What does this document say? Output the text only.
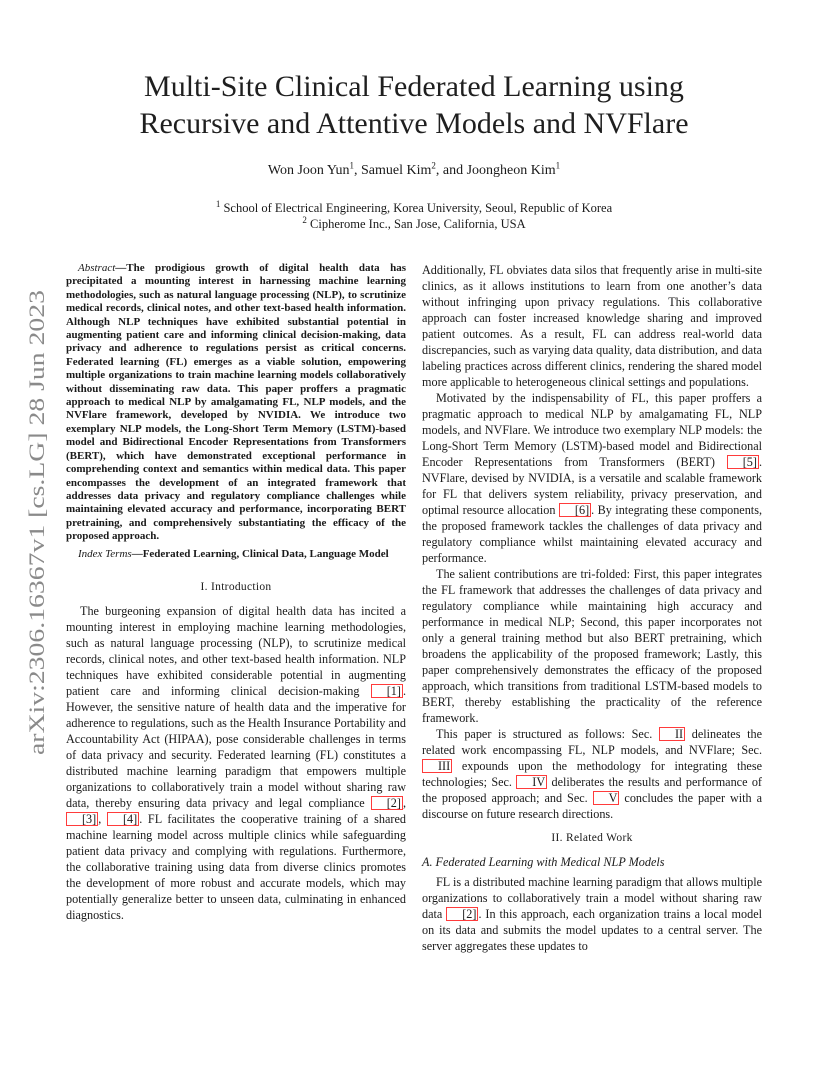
arXiv:2306.16367v1 [cs.LG] 28 Jun 2023
Multi-Site Clinical Federated Learning using
Recursive and Attentive Models and NVFlare
Won Joon Yun$^1$, Samuel Kim$^2$, and Joongheon Kim$^1$
$^1$ School of Electrical Engineering, Korea University, Seoul, Republic of Korea
$^2$ Cipherome Inc., San Jose, California, USA

Abstract—The prodigious growth of digital health data has precipitated a mounting interest in harnessing machine learning methodologies, such as natural language processing (NLP), to scrutinize medical records, clinical notes, and other text-based health information. Although NLP techniques have exhibited substantial potential in augmenting patient care and informing clinical decision-making, data privacy and adherence to regulations persist as critical concerns. Federated learning (FL) emerges as a viable solution, empowering multiple organizations to train machine learning models collaboratively without disseminating raw data. This paper proffers a pragmatic approach to medical NLP by amalgamating FL, NLP models, and the NVFlare framework, developed by NVIDIA. We introduce two exemplary NLP models, the Long-Short Term Memory (LSTM)-based model and Bidirectional Encoder Representations from Transformers (BERT), which have demonstrated exceptional performance in comprehending context and semantics within medical data. This paper encompasses the development of an integrated framework that addresses data privacy and regulatory compliance challenges while maintaining elevated accuracy and performance, incorporating BERT pretraining, and comprehensively substantiating the efficacy of the proposed approach.

Index Terms—Federated Learning, Clinical Data, Language Model

I. Introduction

The burgeoning expansion of digital health data has incited a mounting interest in employing machine learning methodologies, such as natural language processing (NLP), to scrutinize medical records, clinical notes, and other text-based health information. NLP techniques have exhibited considerable potential in augmenting patient care and informing clinical decision-making [1] . However, the sensitive nature of health data and the imperative for adherence to regulations, such as the Health Insurance Portability and Accountability Act (HIPAA), pose considerable challenges in terms of data privacy and security. Federated learning (FL) constitutes a distributed machine learning paradigm that empowers multiple organizations to collaboratively train a model without sharing raw data, thereby ensuring data privacy and legal compliance [2] , [3] , [4] . FL facilitates the cooperative training of a shared machine learning model across multiple clinics while safeguarding patient data privacy and complying with regulations. Furthermore, the collaborative training using data from diverse clinics promotes the development of more robust and accurate models, which may potentially generalize better to unseen data, culminating in enhanced diagnostics.

Additionally, FL obviates data silos that frequently arise in multi-site clinics, as it allows institutions to learn from one another’s data without infringing upon privacy regulations. This collaborative approach can foster increased knowledge sharing and improved patient outcomes. As a result, FL can address real-world data discrepancies, such as varying data quality, data distribution, and data labeling practices across different clinics, rendering the shared model more applicable to heterogeneous clinical settings and populations.

Motivated by the indispensability of FL, this paper proffers a pragmatic approach to medical NLP by amalgamating FL, NLP models, and NVFlare. We introduce two exemplary NLP models: the Long-Short Term Memory (LSTM)-based model and Bidirectional Encoder Representations from Transformers (BERT) [5] . NVFlare, devised by NVIDIA, is a versatile and scalable framework for FL that delivers system reliability, privacy preservation, and optimal resource allocation [6] . By integrating these components, the proposed framework tackles the challenges of data privacy and regulatory compliance whilst maintaining elevated accuracy and performance.

The salient contributions are tri-folded: First, this paper integrates the FL framework that addresses the challenges of data privacy and regulatory compliance while maintaining high accuracy and performance in medical NLP; Second, this paper incorporates not only a general training method but also BERT pretraining, which broadens the applicability of the proposed framework; Lastly, this paper comprehensively demonstrates the efficacy of the proposed approach, which transitions from traditional LSTM-based models to BERT, thereby establishing the practicality of the reference framework.

This paper is structured as follows: Sec. II delineates the related work encompassing FL, NLP models, and NVFlare; Sec. III expounds upon the methodology for integrating these technologies; Sec. IV deliberates the results and performance of the proposed approach; and Sec. V concludes the paper with a discourse on future research directions.

II. Related Work
A. Federated Learning with Medical NLP Models

FL is a distributed machine learning paradigm that allows multiple organizations to collaboratively train a model without sharing raw data [2] . In this approach, each organization trains a local model on its data and submits the model updates to a central server. The server aggregates these updates to
